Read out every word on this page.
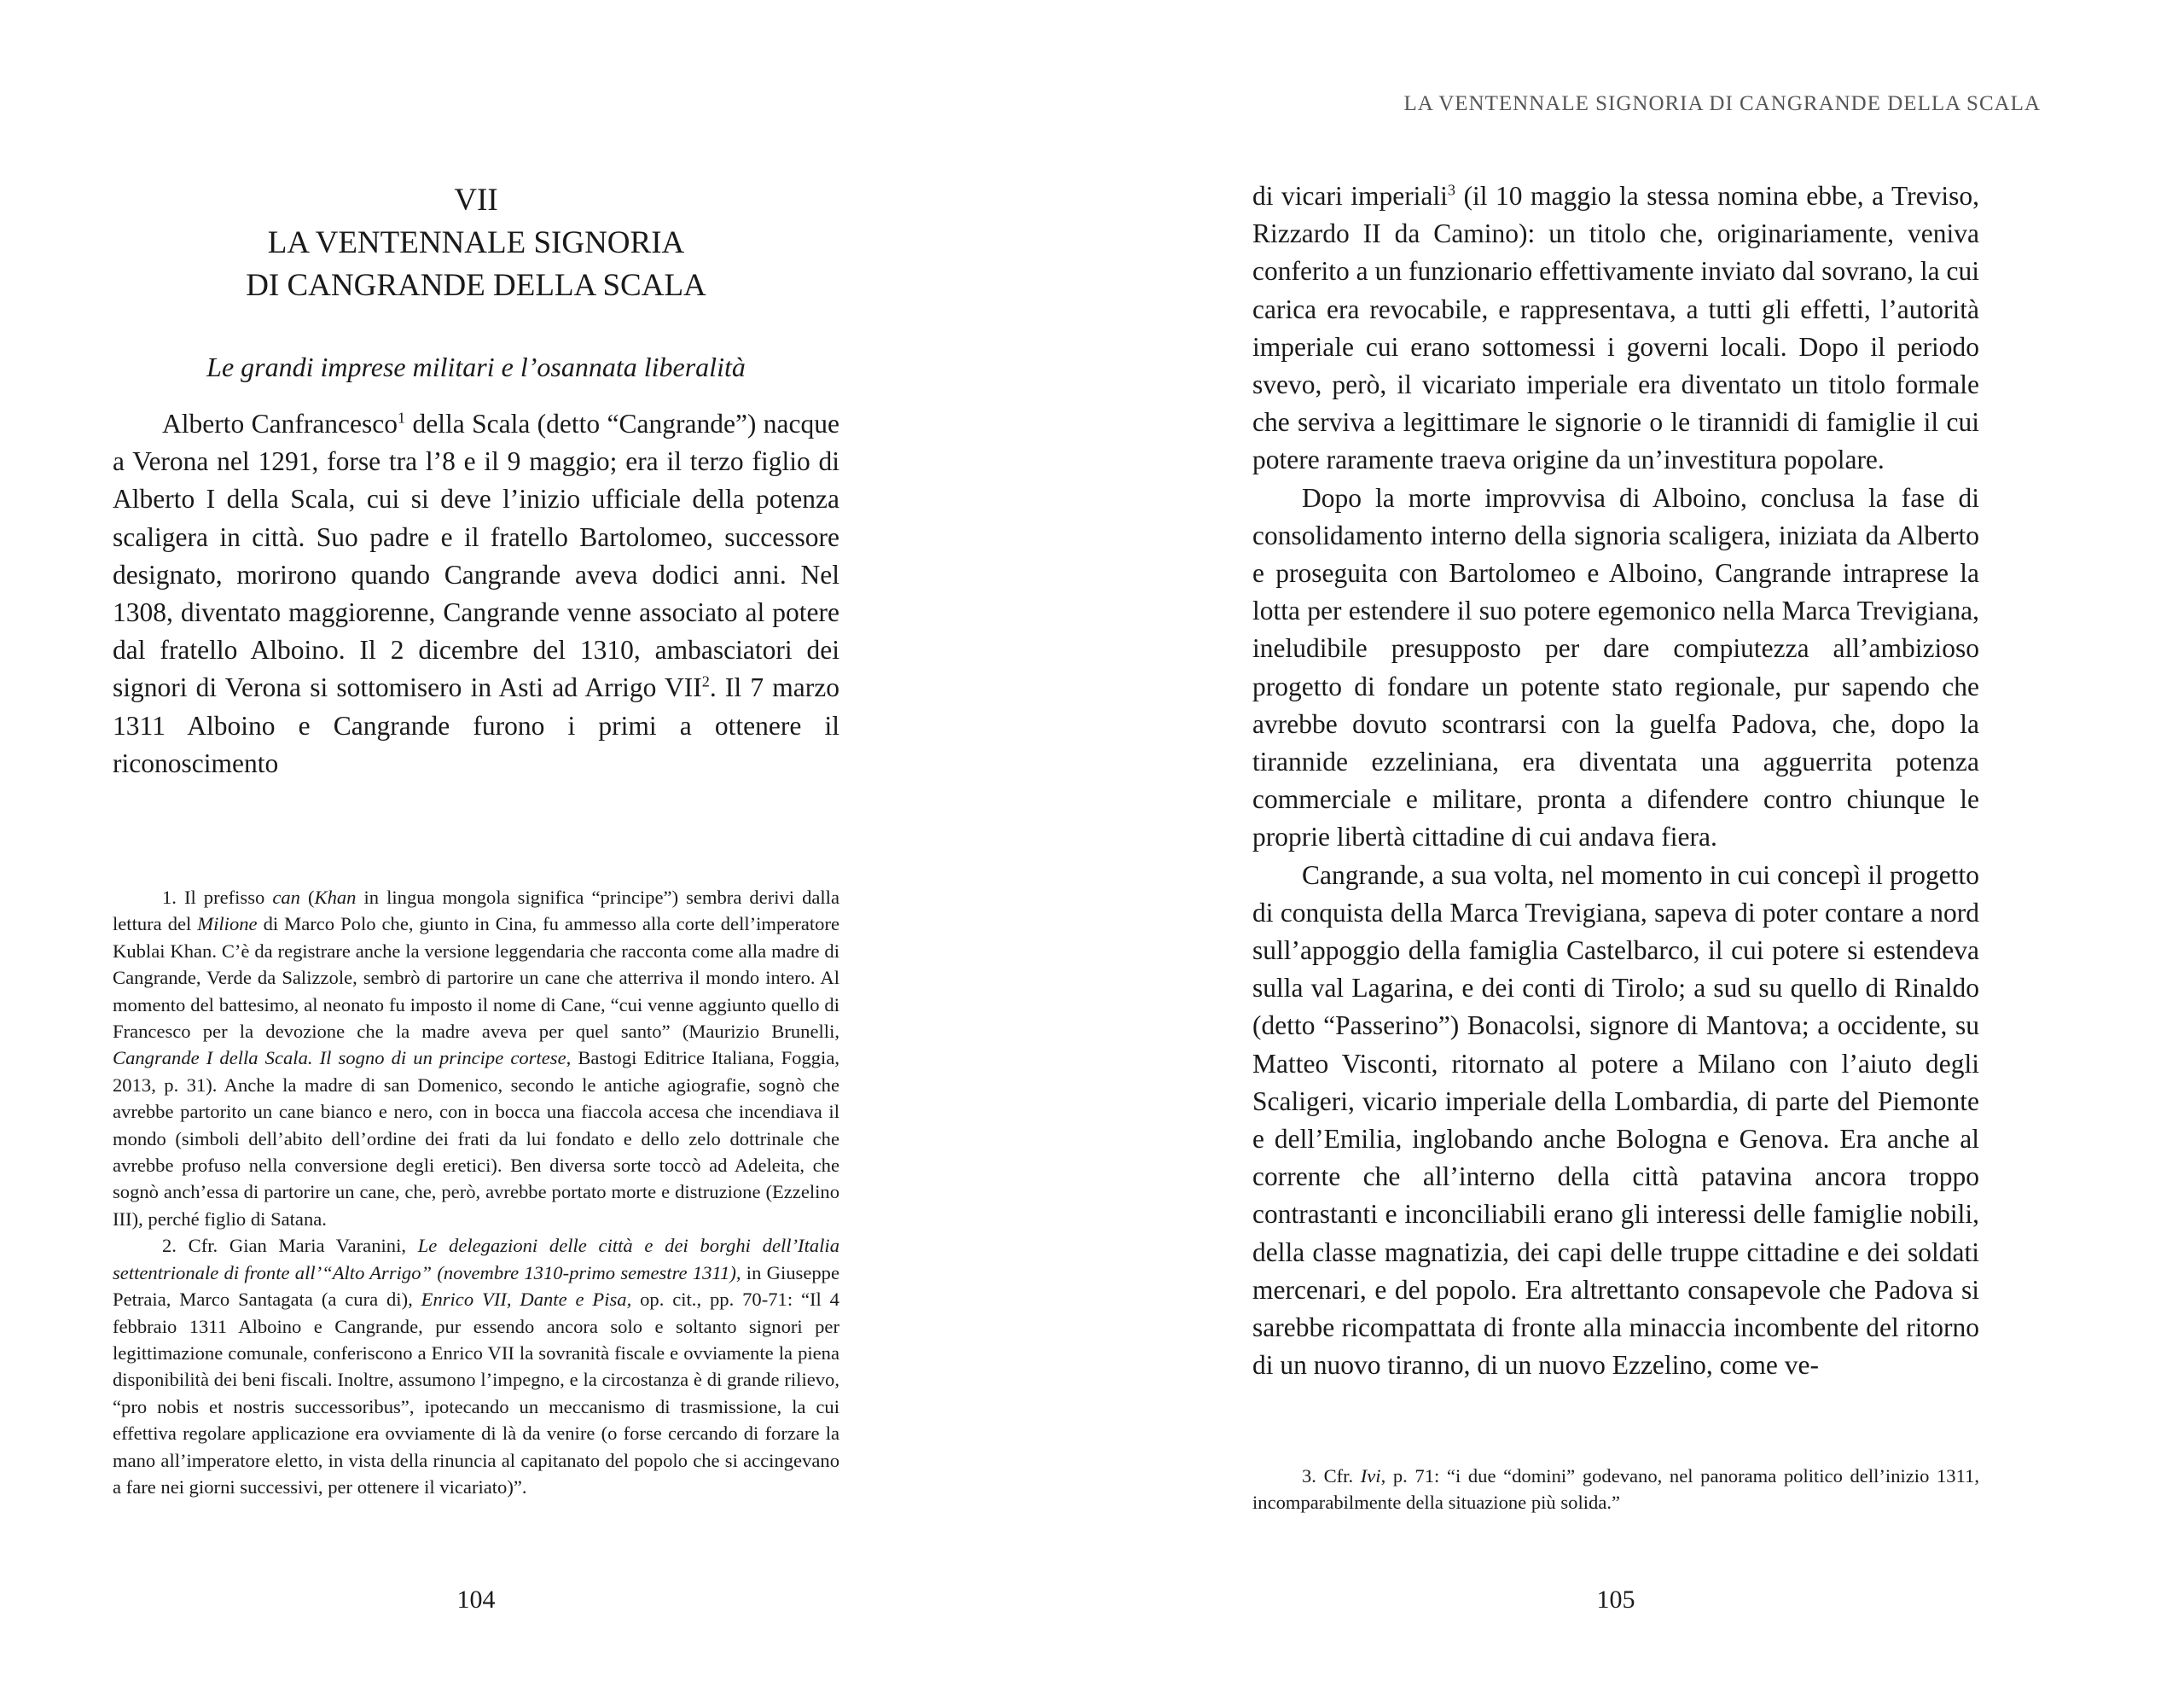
VII
LA VENTENNALE SIGNORIA
DI CANGRANDE DELLA SCALA
Le grandi imprese militari e l’osannata liberalità

Alberto Canfrancesco$^1$ della Scala (detto “Cangrande”) nacque a Verona nel 1291, forse tra l’8 e il 9 maggio; era il terzo figlio di Alberto I della Scala, cui si deve l’inizio ufficiale della potenza scaligera in città. Suo padre e il fratello Bartolomeo, successore designato, morirono quando Cangrande aveva dodici anni. Nel 1308, diventato maggiorenne, Cangrande venne associato al potere dal fratello Alboino. Il 2 dicembre del 1310, ambasciatori dei signori di Verona si sottomisero in Asti ad Arrigo VII$^2$. Il 7 marzo 1311 Alboino e Cangrande furono i primi a ottenere il riconoscimento

1. Il prefisso can (Khan in lingua mongola significa “principe”) sembra derivi dalla lettura del Milione di Marco Polo che, giunto in Cina, fu ammesso alla corte dell’imperatore Kublai Khan. C’è da registrare anche la versione leggendaria che racconta come alla madre di Cangrande, Verde da Salizzole, sembrò di partorire un cane che atterriva il mondo intero. Al momento del battesimo, al neonato fu imposto il nome di Cane, “cui venne aggiunto quello di Francesco per la devozione che la madre aveva per quel santo” (Maurizio Brunelli, Cangrande I della Scala. Il sogno di un principe cortese, Bastogi Editrice Italiana, Foggia, 2013, p. 31). Anche la madre di san Domenico, secondo le antiche agiografie, sognò che avrebbe partorito un cane bianco e nero, con in bocca una fiaccola accesa che incendiava il mondo (simboli dell’abito dell’ordine dei frati da lui fondato e dello zelo dottrinale che avrebbe profuso nella conversione degli eretici). Ben diversa sorte toccò ad Adeleita, che sognò anch’essa di partorire un cane, che, però, avrebbe portato morte e distruzione (Ezzelino III), perché figlio di Satana.

2. Cfr. Gian Maria Varanini, Le delegazioni delle città e dei borghi dell’Italia settentrionale di fronte all’“Alto Arrigo” (novembre 1310-primo semestre 1311), in Giuseppe Petraia, Marco Santagata (a cura di), Enrico VII, Dante e Pisa, op. cit., pp. 70-71: “Il 4 febbraio 1311 Alboino e Cangrande, pur essendo ancora solo e soltanto signori per legittimazione comunale, conferiscono a Enrico VII la sovranità fiscale e ovviamente la piena disponibilità dei beni fiscali. Inoltre, assumono l’impegno, e la circostanza è di grande rilievo, “pro nobis et nostris successoribus”, ipotecando un meccanismo di trasmissione, la cui effettiva regolare applicazione era ovviamente di là da venire (o forse cercando di forzare la mano all’imperatore eletto, in vista della rinuncia al capitanato del popolo che si accingevano a fare nei giorni successivi, per ottenere il vicariato)”.

104

LA VENTENNALE SIGNORIA DI CANGRANDE DELLA SCALA

di vicari imperiali$^3$ (il 10 maggio la stessa nomina ebbe, a Treviso, Rizzardo II da Camino): un titolo che, originariamente, veniva conferito a un funzionario effettivamente inviato dal sovrano, la cui carica era revocabile, e rappresentava, a tutti gli effetti, l’autorità imperiale cui erano sottomessi i governi locali. Dopo il periodo svevo, però, il vicariato imperiale era diventato un titolo formale che serviva a legittimare le signorie o le tirannidi di famiglie il cui potere raramente traeva origine da un’investitura popolare.

Dopo la morte improvvisa di Alboino, conclusa la fase di consolidamento interno della signoria scaligera, iniziata da Alberto e proseguita con Bartolomeo e Alboino, Cangrande intraprese la lotta per estendere il suo potere egemonico nella Marca Trevigiana, ineludibile presupposto per dare compiutezza all’ambizioso progetto di fondare un potente stato regionale, pur sapendo che avrebbe dovuto scontrarsi con la guelfa Padova, che, dopo la tirannide ezzeliniana, era diventata una agguerrita potenza commerciale e militare, pronta a difendere contro chiunque le proprie libertà cittadine di cui andava fiera.

Cangrande, a sua volta, nel momento in cui concepì il progetto di conquista della Marca Trevigiana, sapeva di poter contare a nord sull’appoggio della famiglia Castelbarco, il cui potere si estendeva sulla val Lagarina, e dei conti di Tirolo; a sud su quello di Rinaldo (detto “Passerino”) Bonacolsi, signore di Mantova; a occidente, su Matteo Visconti, ritornato al potere a Milano con l’aiuto degli Scaligeri, vicario imperiale della Lombardia, di parte del Piemonte e dell’Emilia, inglobando anche Bologna e Genova. Era anche al corrente che all’interno della città patavina ancora troppo contrastanti e inconciliabili erano gli interessi delle famiglie nobili, della classe magnatizia, dei capi delle truppe cittadine e dei soldati mercenari, e del popolo. Era altrettanto consapevole che Padova si sarebbe ricompattata di fronte alla minaccia incombente del ritorno di un nuovo tiranno, di un nuovo Ezzelino, come ve-

3. Cfr. Ivi, p. 71: “i due “domini” godevano, nel panorama politico dell’inizio 1311, incomparabilmente della situazione più solida.”

105
